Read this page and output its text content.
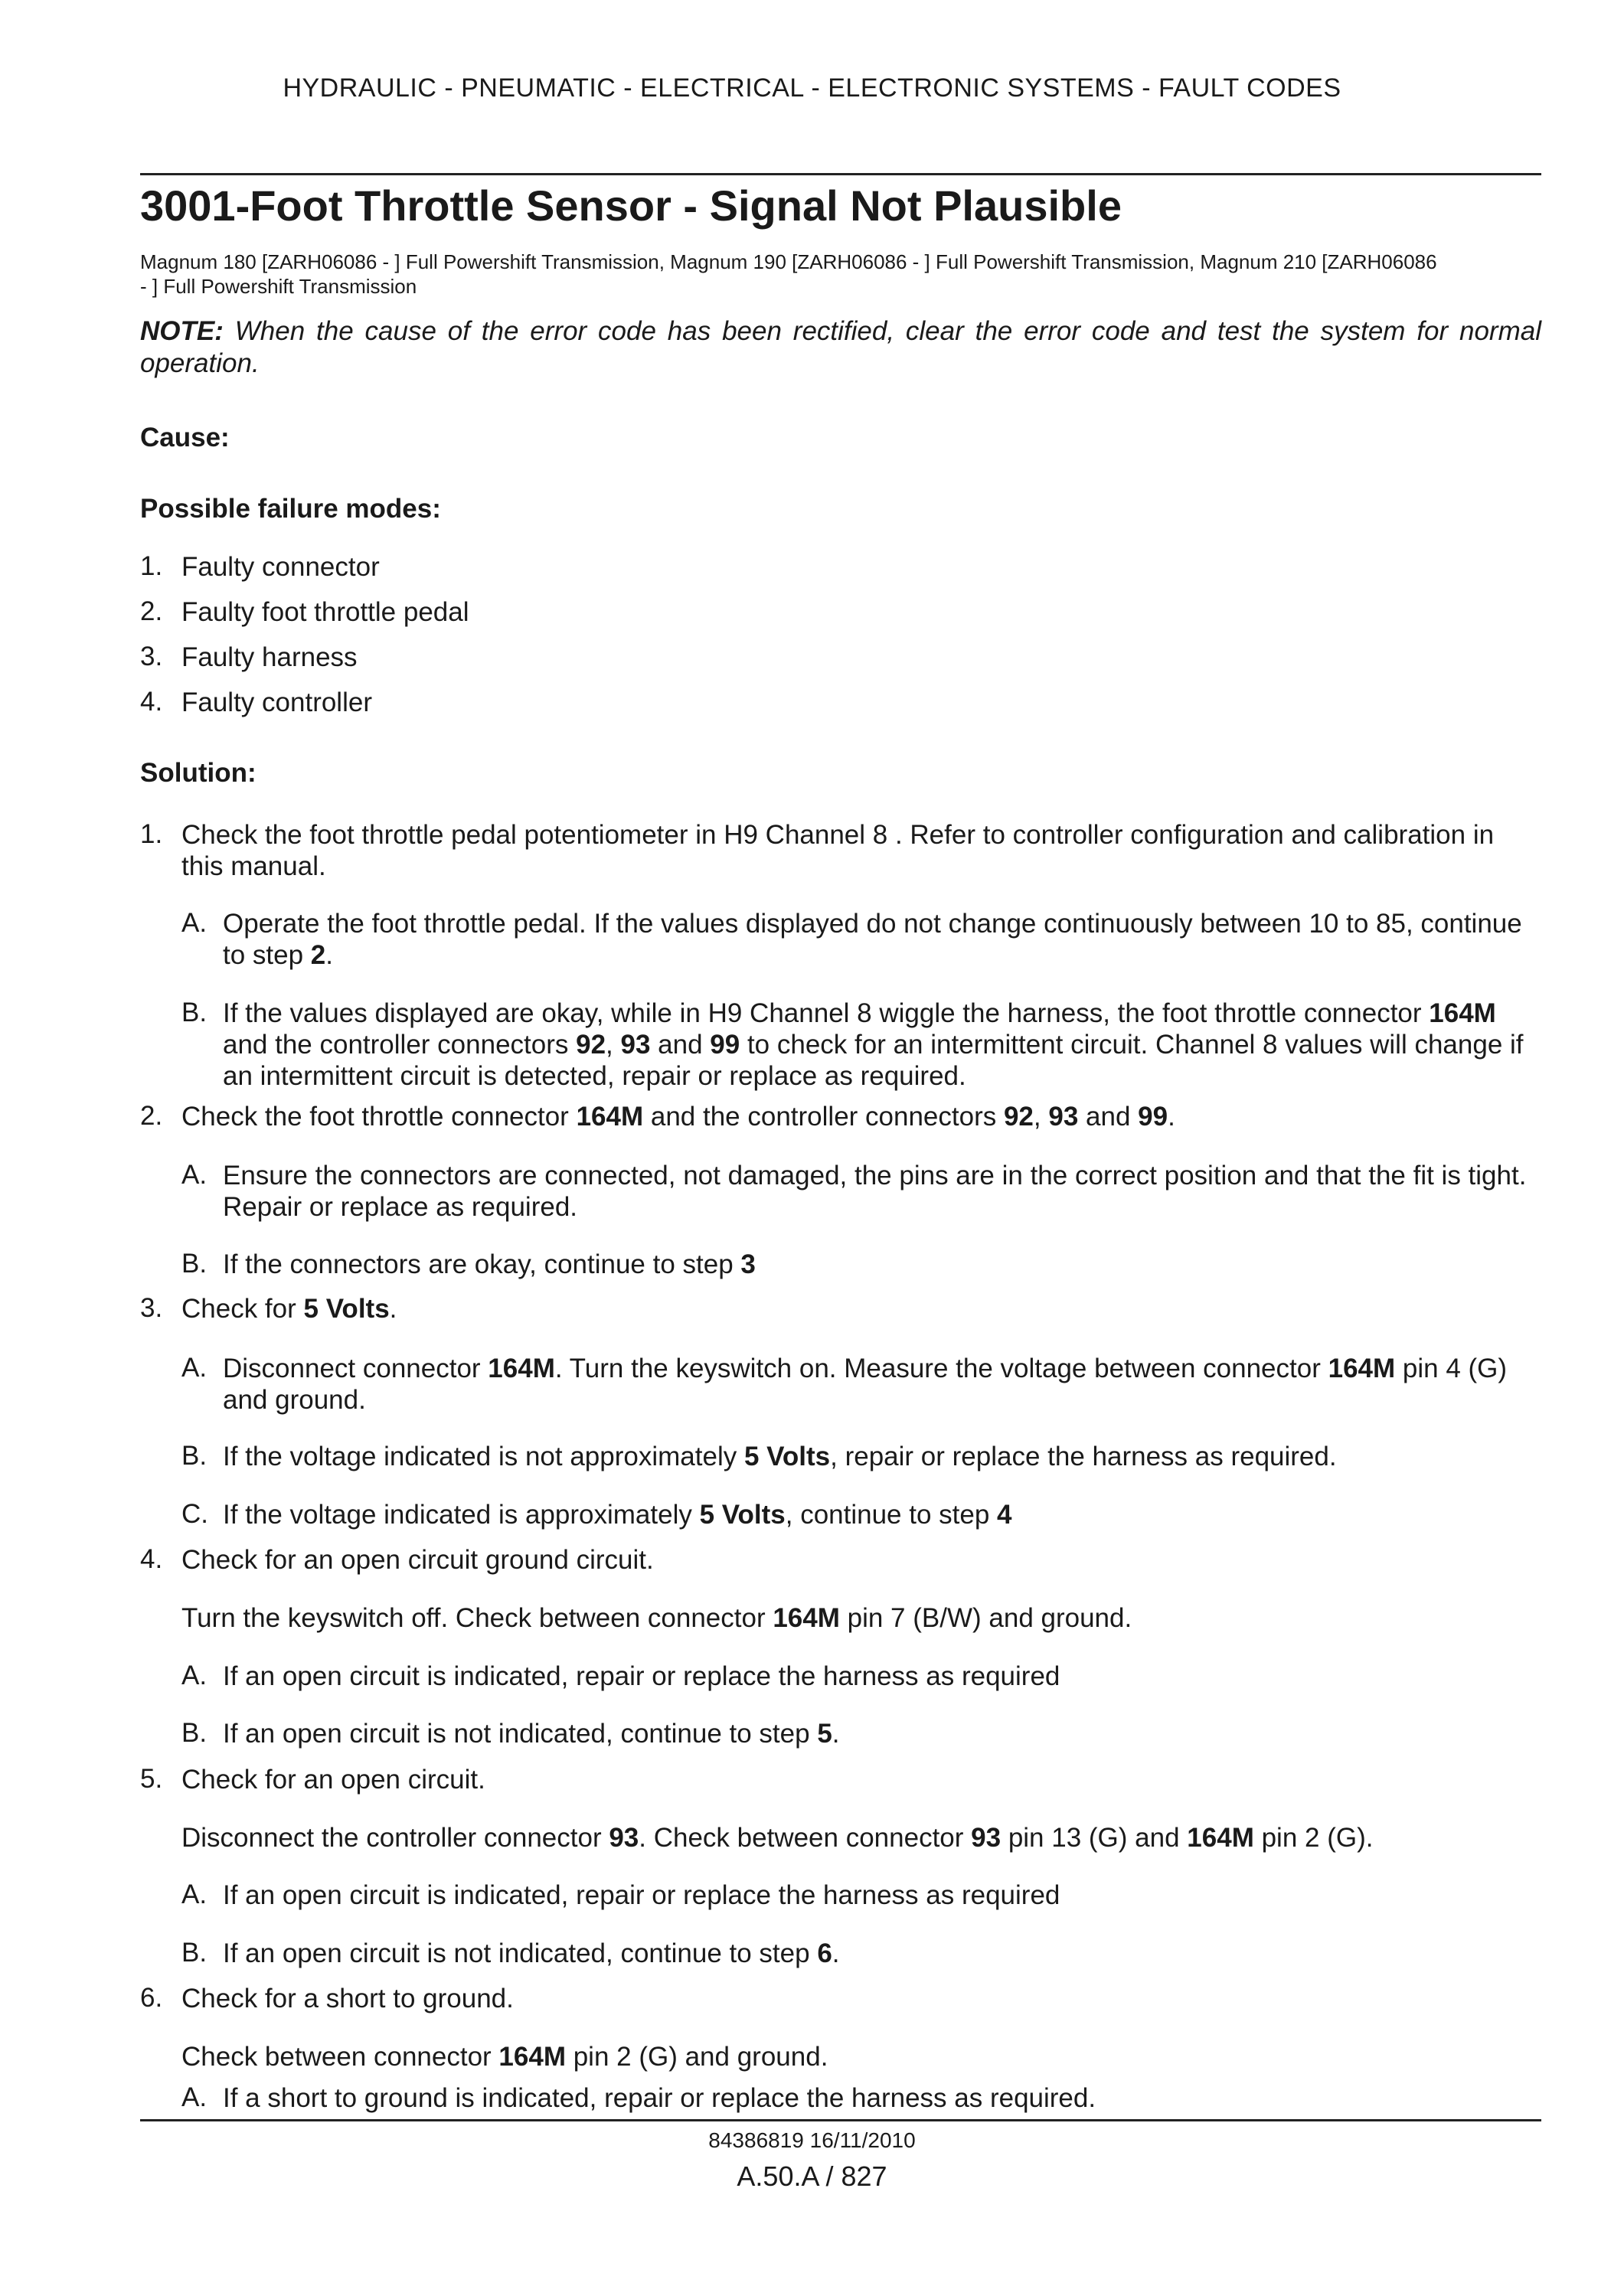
HYDRAULIC - PNEUMATIC - ELECTRICAL - ELECTRONIC SYSTEMS - FAULT CODES
3001-Foot Throttle Sensor - Signal Not Plausible
Magnum 180 [ZARH06086 - ] Full Powershift Transmission, Magnum 190 [ZARH06086 - ] Full Powershift Transmission, Magnum 210 [ZARH06086
- ] Full Powershift Transmission
NOTE: When the cause of the error code has been rectified, clear the error code and test the system for normal operation.
Cause:
Possible failure modes:
1. Faulty connector
2. Faulty foot throttle pedal
3. Faulty harness
4. Faulty controller
Solution:
1. Check the foot throttle pedal potentiometer in H9 Channel 8 . Refer to controller configuration and calibration in this manual.
A. Operate the foot throttle pedal. If the values displayed do not change continuously between 10 to 85, continue to step 2.
B. If the values displayed are okay, while in H9 Channel 8 wiggle the harness, the foot throttle connector 164M and the controller connectors 92, 93 and 99 to check for an intermittent circuit. Channel 8 values will change if an intermittent circuit is detected, repair or replace as required.
2. Check the foot throttle connector 164M and the controller connectors 92, 93 and 99.
A. Ensure the connectors are connected, not damaged, the pins are in the correct position and that the fit is tight. Repair or replace as required.
B. If the connectors are okay, continue to step 3
3. Check for 5 Volts.
A. Disconnect connector 164M. Turn the keyswitch on. Measure the voltage between connector 164M pin 4 (G) and ground.
B. If the voltage indicated is not approximately 5 Volts, repair or replace the harness as required.
C. If the voltage indicated is approximately 5 Volts, continue to step 4
4. Check for an open circuit ground circuit.
Turn the keyswitch off. Check between connector 164M pin 7 (B/W) and ground.
A. If an open circuit is indicated, repair or replace the harness as required
B. If an open circuit is not indicated, continue to step 5.
5. Check for an open circuit.
Disconnect the controller connector 93. Check between connector 93 pin 13 (G) and 164M pin 2 (G).
A. If an open circuit is indicated, repair or replace the harness as required
B. If an open circuit is not indicated, continue to step 6.
6. Check for a short to ground.
Check between connector 164M pin 2 (G) and ground.
A. If a short to ground is indicated, repair or replace the harness as required.
84386819 16/11/2010
A.50.A / 827
